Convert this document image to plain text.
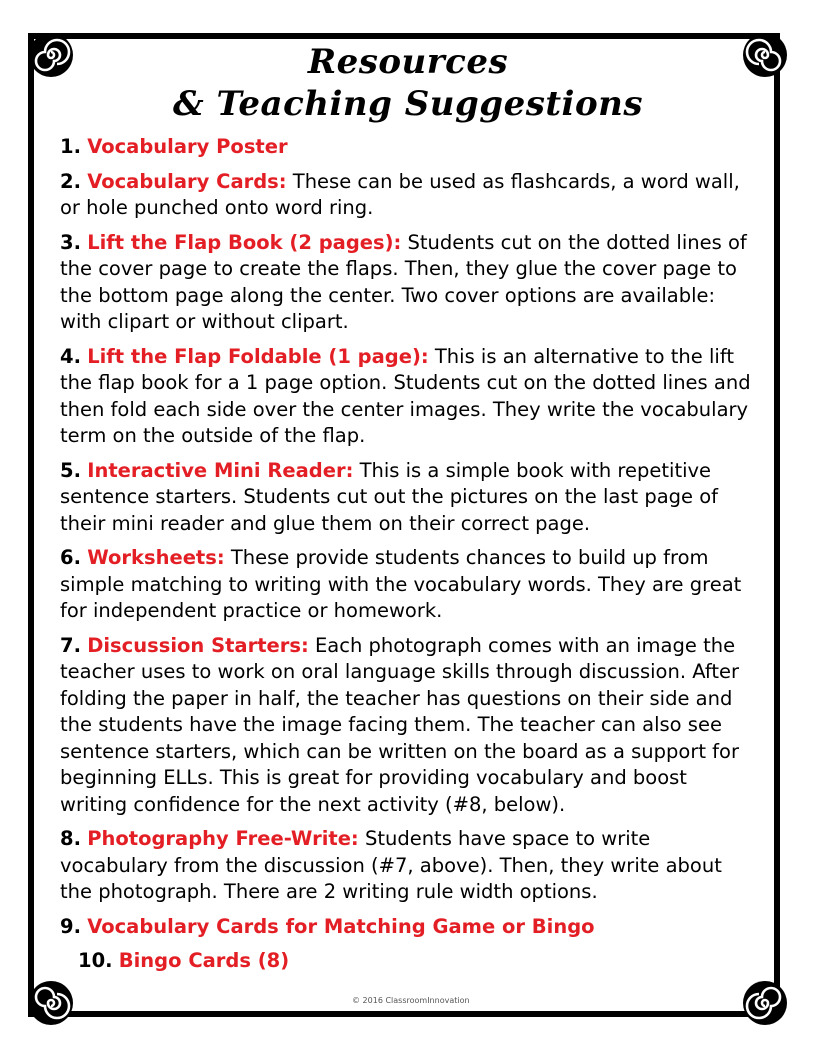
Resources
& Teaching Suggestions
1. Vocabulary Poster
2. Vocabulary Cards: These can be used as flashcards, a word wall, or hole punched onto word ring.
3. Lift the Flap Book (2 pages): Students cut on the dotted lines of the cover page to create the flaps. Then, they glue the cover page to the bottom page along the center. Two cover options are available: with clipart or without clipart.
4. Lift the Flap Foldable (1 page): This is an alternative to the lift the flap book for a 1 page option. Students cut on the dotted lines and then fold each side over the center images. They write the vocabulary term on the outside of the flap.
5. Interactive Mini Reader: This is a simple book with repetitive sentence starters. Students cut out the pictures on the last page of their mini reader and glue them on their correct page.
6. Worksheets: These provide students chances to build up from simple matching to writing with the vocabulary words. They are great for independent practice or homework.
7. Discussion Starters: Each photograph comes with an image the teacher uses to work on oral language skills through discussion. After folding the paper in half, the teacher has questions on their side and the students have the image facing them. The teacher can also see sentence starters, which can be written on the board as a support for beginning ELLs. This is great for providing vocabulary and boost writing confidence for the next activity (#8, below).
8. Photography Free-Write: Students have space to write vocabulary from the discussion (#7, above). Then, they write about the photograph. There are 2 writing rule width options.
9. Vocabulary Cards for Matching Game or Bingo
10. Bingo Cards (8)
© 2016 ClassroomInnovation
